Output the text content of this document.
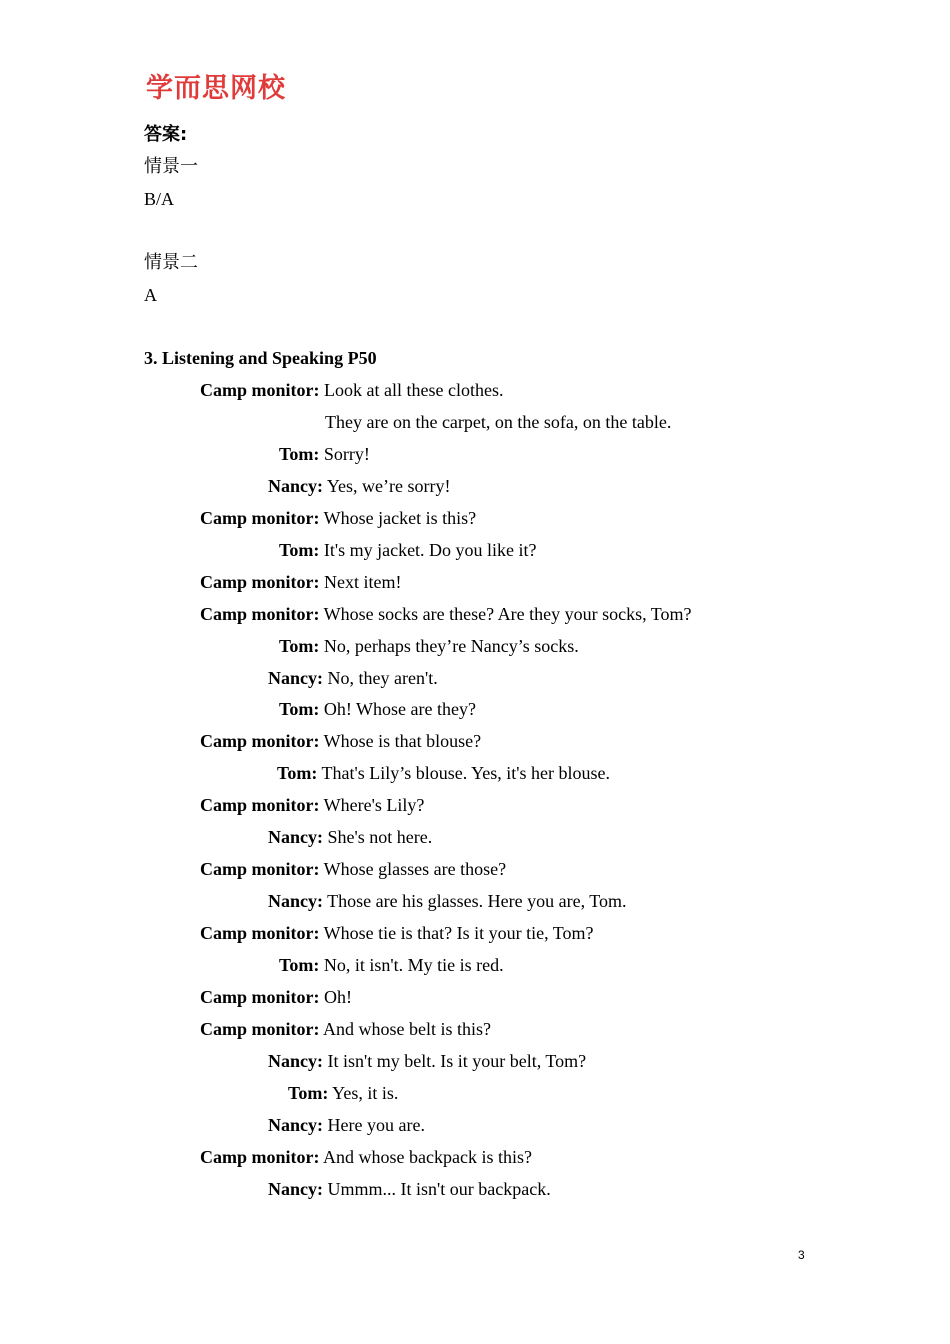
学而思网校
答案:
情景一
B/A
情景二
A
3. Listening and Speaking P50
Camp monitor: Look at all these clothes.
They are on the carpet, on the sofa, on the table.
Tom: Sorry!
Nancy: Yes, we’re sorry!
Camp monitor: Whose jacket is this?
Tom: It's my jacket. Do you like it?
Camp monitor: Next item!
Camp monitor: Whose socks are these? Are they your socks, Tom?
Tom: No, perhaps they’re Nancy’s socks.
Nancy: No, they aren't.
Tom: Oh! Whose are they?
Camp monitor: Whose is that blouse?
Tom: That's Lily’s blouse. Yes, it's her blouse.
Camp monitor: Where's Lily?
Nancy: She's not here.
Camp monitor: Whose glasses are those?
Nancy: Those are his glasses. Here you are, Tom.
Camp monitor: Whose tie is that? Is it your tie, Tom?
Tom: No, it isn't. My tie is red.
Camp monitor: Oh!
Camp monitor: And whose belt is this?
Nancy: It isn't my belt. Is it your belt, Tom?
Tom: Yes, it is.
Nancy: Here you are.
Camp monitor: And whose backpack is this?
Nancy: Ummm... It isn't our backpack.
3
